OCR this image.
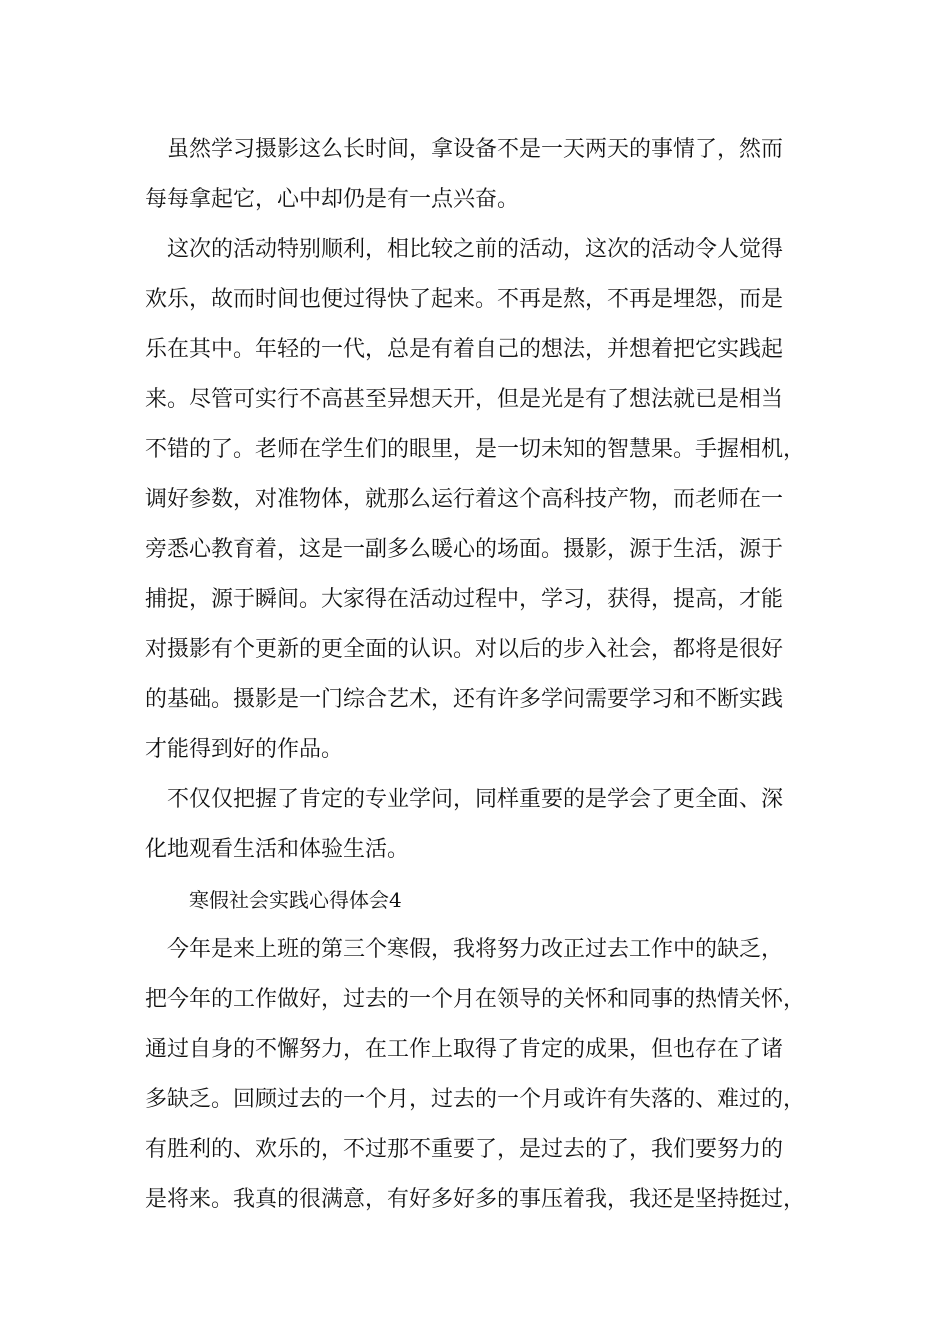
虽然学习摄影这么长时间，拿设备不是一天两天的事情了，然而
每每拿起它，心中却仍是有一点兴奋。
这次的活动特别顺利，相比较之前的活动，这次的活动令人觉得
欢乐，故而时间也便过得快了起来。不再是熬，不再是埋怨，而是
乐在其中。年轻的一代，总是有着自己的想法，并想着把它实践起
来。尽管可实行不高甚至异想天开，但是光是有了想法就已是相当
不错的了。老师在学生们的眼里，是一切未知的智慧果。手握相机，
调好参数，对准物体，就那么运行着这个高科技产物，而老师在一
旁悉心教育着，这是一副多么暖心的场面。摄影，源于生活，源于
捕捉，源于瞬间。大家得在活动过程中，学习，获得，提高，才能
对摄影有个更新的更全面的认识。对以后的步入社会，都将是很好
的基础。摄影是一门综合艺术，还有许多学问需要学习和不断实践
才能得到好的作品。
不仅仅把握了肯定的专业学问，同样重要的是学会了更全面、深
化地观看生活和体验生活。
寒假社会实践心得体会4
今年是来上班的第三个寒假，我将努力改正过去工作中的缺乏，
把今年的工作做好，过去的一个月在领导的关怀和同事的热情关怀，
通过自身的不懈努力，在工作上取得了肯定的成果，但也存在了诸
多缺乏。回顾过去的一个月，过去的一个月或许有失落的、难过的，
有胜利的、欢乐的，不过那不重要了，是过去的了，我们要努力的
是将来。我真的很满意，有好多好多的事压着我，我还是坚持挺过，
